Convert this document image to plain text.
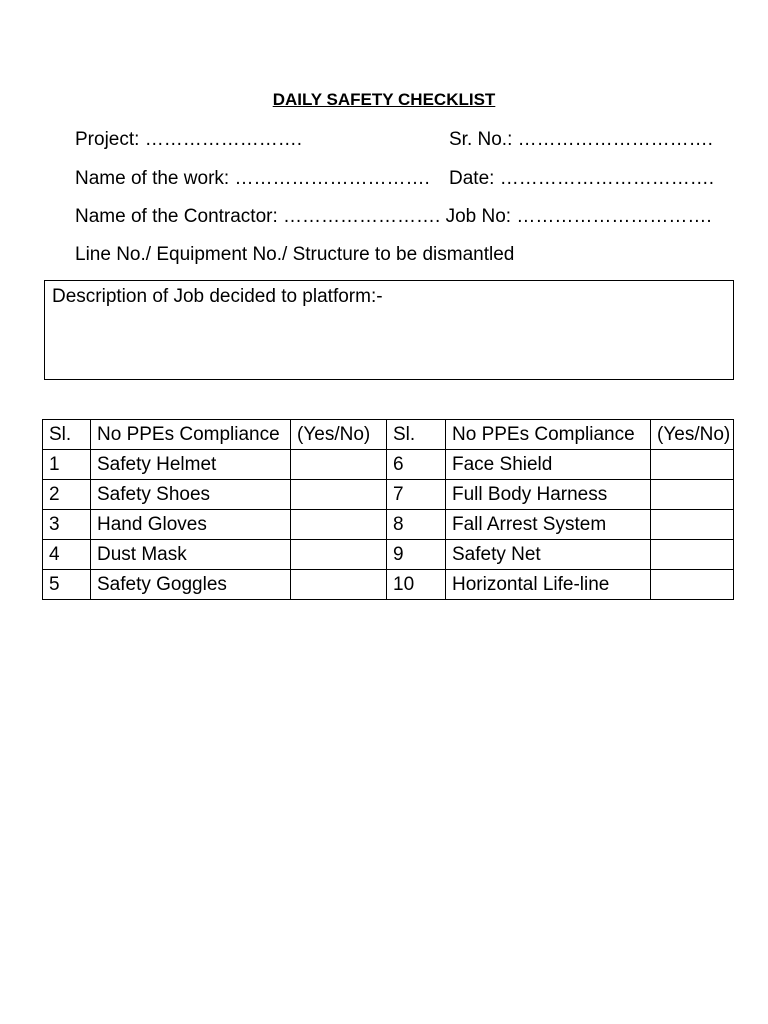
DAILY SAFETY CHECKLIST
Project: …………………….	Sr. No.: ………………………….
Name of the work: …………………………. Date: …………………………….
Name of the Contractor: ……………………. Job No: ………………………….
Line No./ Equipment No./ Structure to be dismantled
Description of Job decided to platform:-
Sl.	No PPEs Compliance	(Yes/No)	Sl.	No PPEs Compliance	(Yes/No)
1	Safety Helmet		6	Face Shield	
2	Safety Shoes		7	Full Body Harness	
3	Hand Gloves		8	Fall Arrest System	
4	Dust Mask		9	Safety Net	
5	Safety Goggles		10	Horizontal Life-line	
